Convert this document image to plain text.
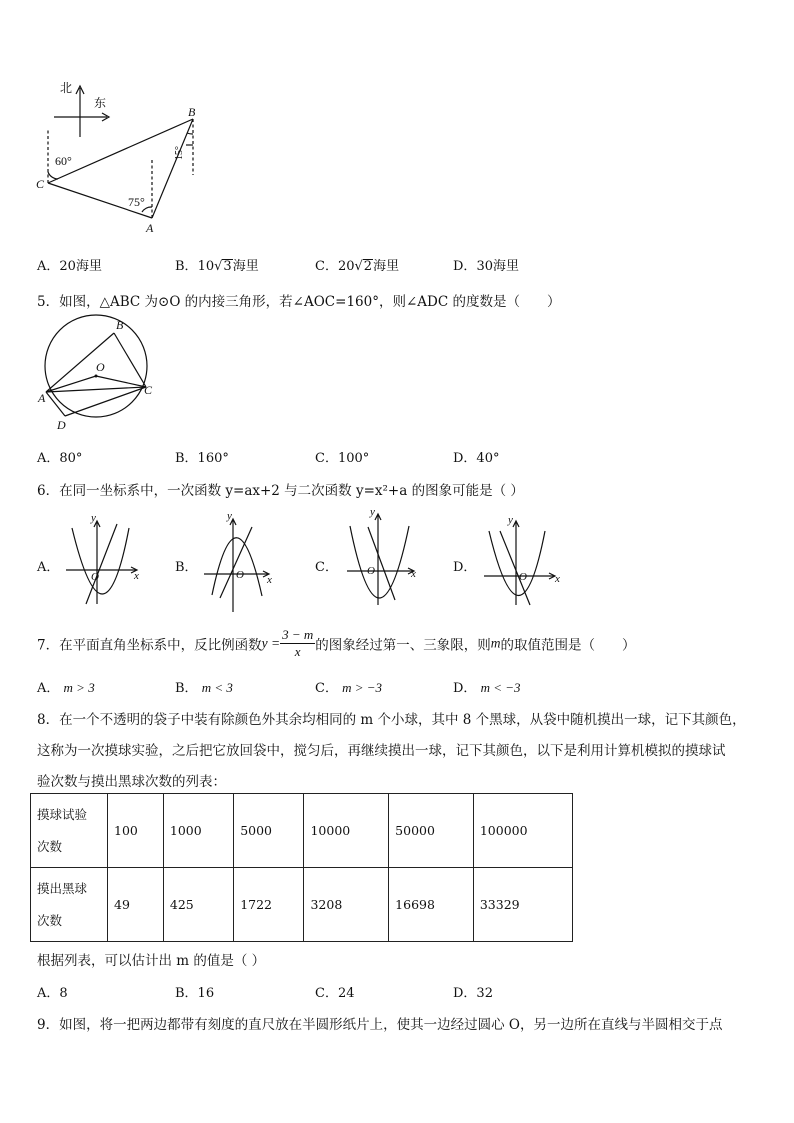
北
东
B
C
A
60°
75°
15°
A．20海里	B．10√3海里	C．20√2海里	D．30海里
5．如图，△ABC 为⊙O 的内接三角形，若∠AOC=160°，则∠ADC 的度数是（　　）
B
O
A
C
D
A．80°	B．160°	C．100°	D．40°
6．在同一坐标系中，一次函数 y=ax+2 与二次函数 y=x²+a 的图象可能是（ ）
A．	B．	C．	D．
y
x
O
y
x
O
y
x
O
y
x
O
7．在平面直角坐标系中，反比例函数$y = \frac{3 - m}{x}$ 的图象经过第一、三象限，则m的取值范围是（　　）
A． m > 3	B． m < 3	C． m > −3	D． m < −3
8．在一个不透明的袋子中装有除颜色外其余均相同的 m 个小球，其中 8 个黑球，从袋中随机摸出一球，记下其颜色，
这称为一次摸球实验，之后把它放回袋中，搅匀后，再继续摸出一球，记下其颜色，以下是利用计算机模拟的摸球试
验次数与摸出黑球次数的列表：
摸球试验
次数	100	1000	5000	10000	50000	100000
摸出黑球
次数	49	425	1722	3208	16698	33329
根据列表，可以估计出 m 的值是（ ）
A．8	B．16	C．24	D．32
9．如图，将一把两边都带有刻度的直尺放在半圆形纸片上，使其一边经过圆心 O，另一边所在直线与半圆相交于点
